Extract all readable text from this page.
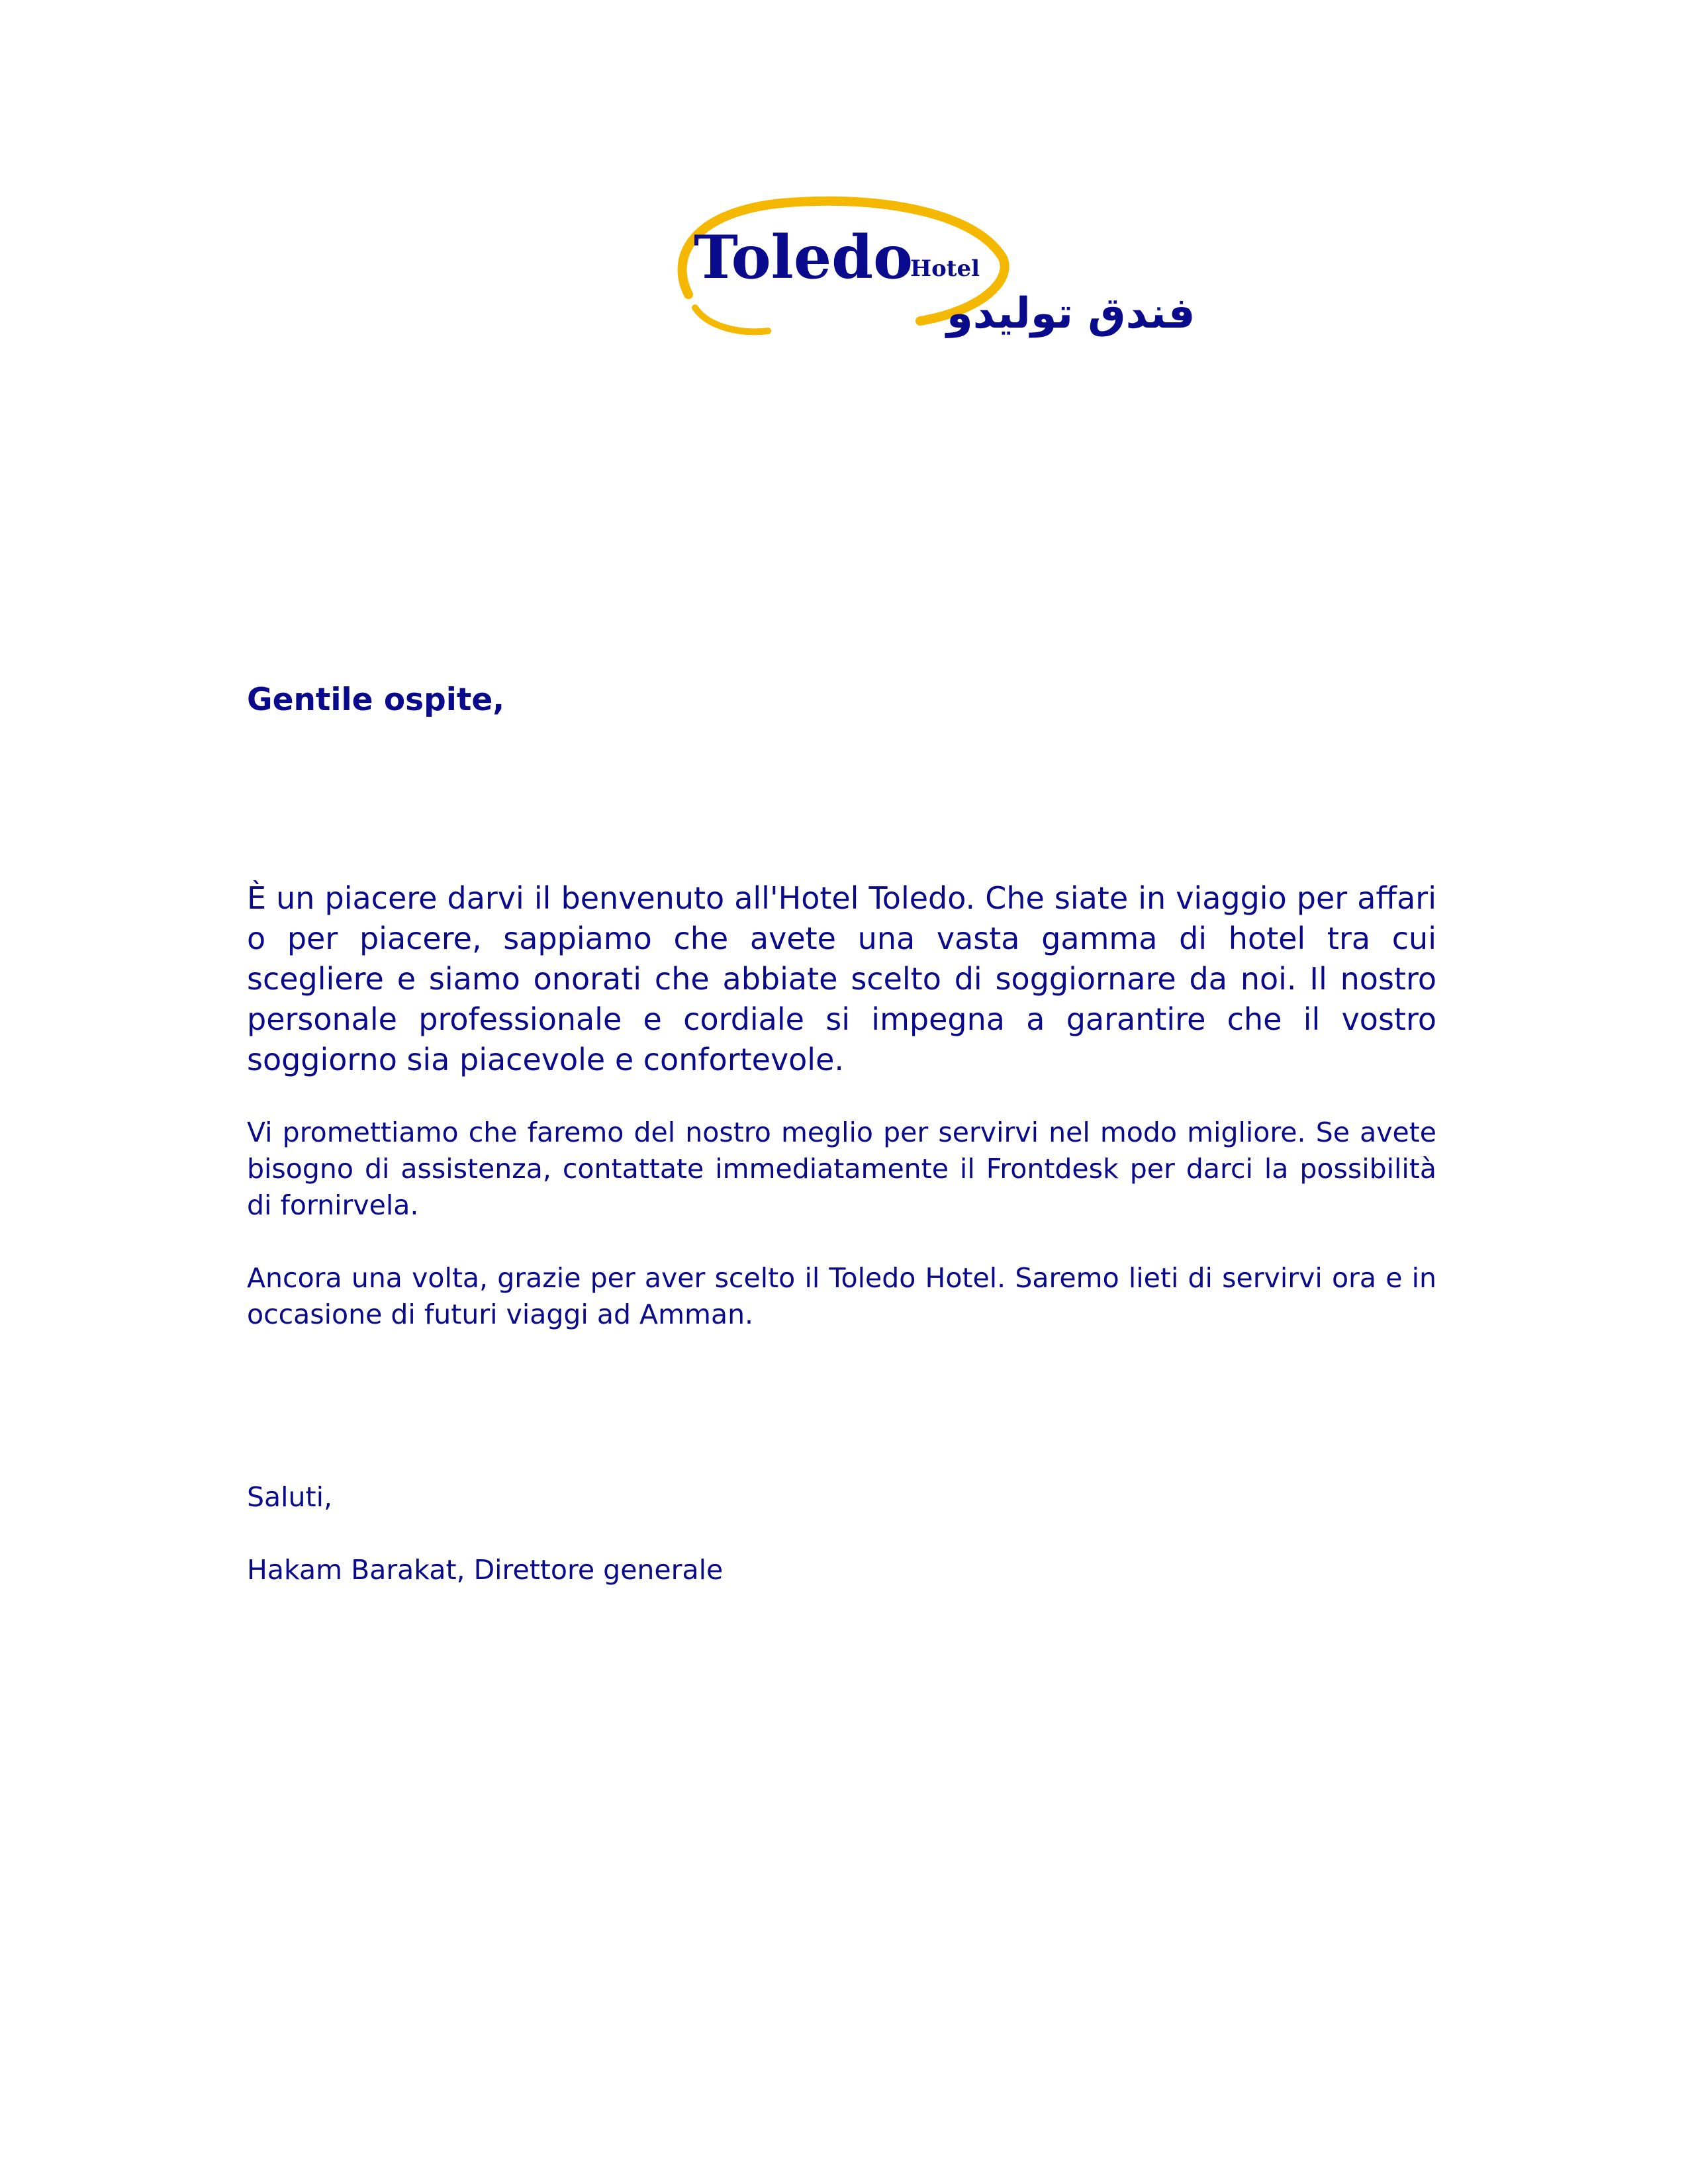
Toledo
Hotel
فندق توليدو

Gentile ospite,

È un piacere darvi il benvenuto all'Hotel Toledo. Che siate in viaggio per affari o per piacere, sappiamo che avete una vasta gamma di hotel tra cui scegliere e siamo onorati che abbiate scelto di soggiornare da noi. Il nostro personale professionale e cordiale si impegna a garantire che il vostro soggiorno sia piacevole e confortevole.

Vi promettiamo che faremo del nostro meglio per servirvi nel modo migliore. Se avete bisogno di assistenza, contattate immediatamente il Frontdesk per darci la possibilità di fornirvela.

Ancora una volta, grazie per aver scelto il Toledo Hotel. Saremo lieti di servirvi ora e in occasione di futuri viaggi ad Amman.

Saluti,

Hakam Barakat, Direttore generale
